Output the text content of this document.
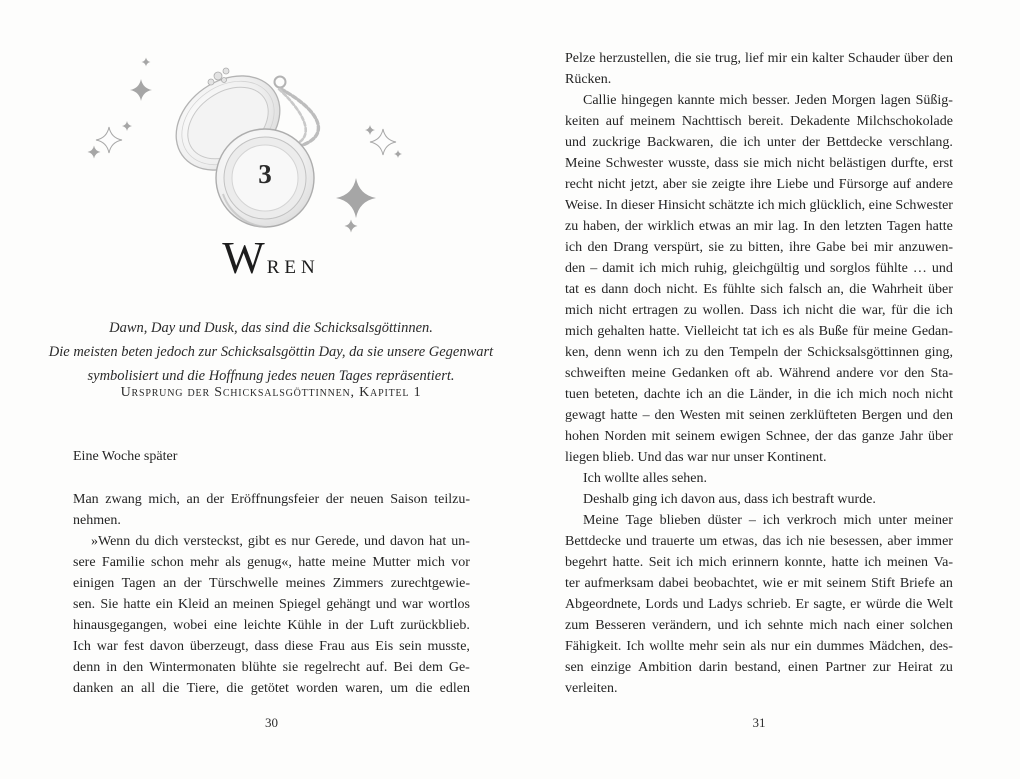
3
WREN
Dawn, Day und Dusk, das sind die Schicksalsgöttinnen.
Die meisten beten jedoch zur Schicksalsgöttin Day, da sie unsere Gegenwart
symbolisiert und die Hoffnung jedes neuen Tages repräsentiert.
Ursprung der Schicksalsgöttinnen, Kapitel 1
Eine Woche später
Man zwang mich, an der Eröffnungsfeier der neuen Saison teilzu-
nehmen.
»Wenn du dich versteckst, gibt es nur Gerede, und davon hat un-
sere Familie schon mehr als genug«, hatte meine Mutter mich vor
einigen Tagen an der Türschwelle meines Zimmers zurechtgewie-
sen. Sie hatte ein Kleid an meinen Spiegel gehängt und war wortlos
hinausgegangen, wobei eine leichte Kühle in der Luft zurückblieb.
Ich war fest davon überzeugt, dass diese Frau aus Eis sein musste,
denn in den Wintermonaten blühte sie regelrecht auf. Bei dem Ge-
danken an all die Tiere, die getötet worden waren, um die edlen
30
Pelze herzustellen, die sie trug, lief mir ein kalter Schauder über den
Rücken.
Callie hingegen kannte mich besser. Jeden Morgen lagen Süßig-
keiten auf meinem Nachttisch bereit. Dekadente Milchschokolade
und zuckrige Backwaren, die ich unter der Bettdecke verschlang.
Meine Schwester wusste, dass sie mich nicht belästigen durfte, erst
recht nicht jetzt, aber sie zeigte ihre Liebe und Fürsorge auf andere
Weise. In dieser Hinsicht schätzte ich mich glücklich, eine Schwester
zu haben, der wirklich etwas an mir lag. In den letzten Tagen hatte
ich den Drang verspürt, sie zu bitten, ihre Gabe bei mir anzuwen-
den – damit ich mich ruhig, gleichgültig und sorglos fühlte … und
tat es dann doch nicht. Es fühlte sich falsch an, die Wahrheit über
mich nicht ertragen zu wollen. Dass ich nicht die war, für die ich
mich gehalten hatte. Vielleicht tat ich es als Buße für meine Gedan-
ken, denn wenn ich zu den Tempeln der Schicksalsgöttinnen ging,
schweiften meine Gedanken oft ab. Während andere vor den Sta-
tuen beteten, dachte ich an die Länder, in die ich mich noch nicht
gewagt hatte – den Westen mit seinen zerklüfteten Bergen und den
hohen Norden mit seinem ewigen Schnee, der das ganze Jahr über
liegen blieb. Und das war nur unser Kontinent.
Ich wollte alles sehen.
Deshalb ging ich davon aus, dass ich bestraft wurde.
Meine Tage blieben düster – ich verkroch mich unter meiner
Bettdecke und trauerte um etwas, das ich nie besessen, aber immer
begehrt hatte. Seit ich mich erinnern konnte, hatte ich meinen Va-
ter aufmerksam dabei beobachtet, wie er mit seinem Stift Briefe an
Abgeordnete, Lords und Ladys schrieb. Er sagte, er würde die Welt
zum Besseren verändern, und ich sehnte mich nach einer solchen
Fähigkeit. Ich wollte mehr sein als nur ein dummes Mädchen, des-
sen einzige Ambition darin bestand, einen Partner zur Heirat zu
verleiten.
31
